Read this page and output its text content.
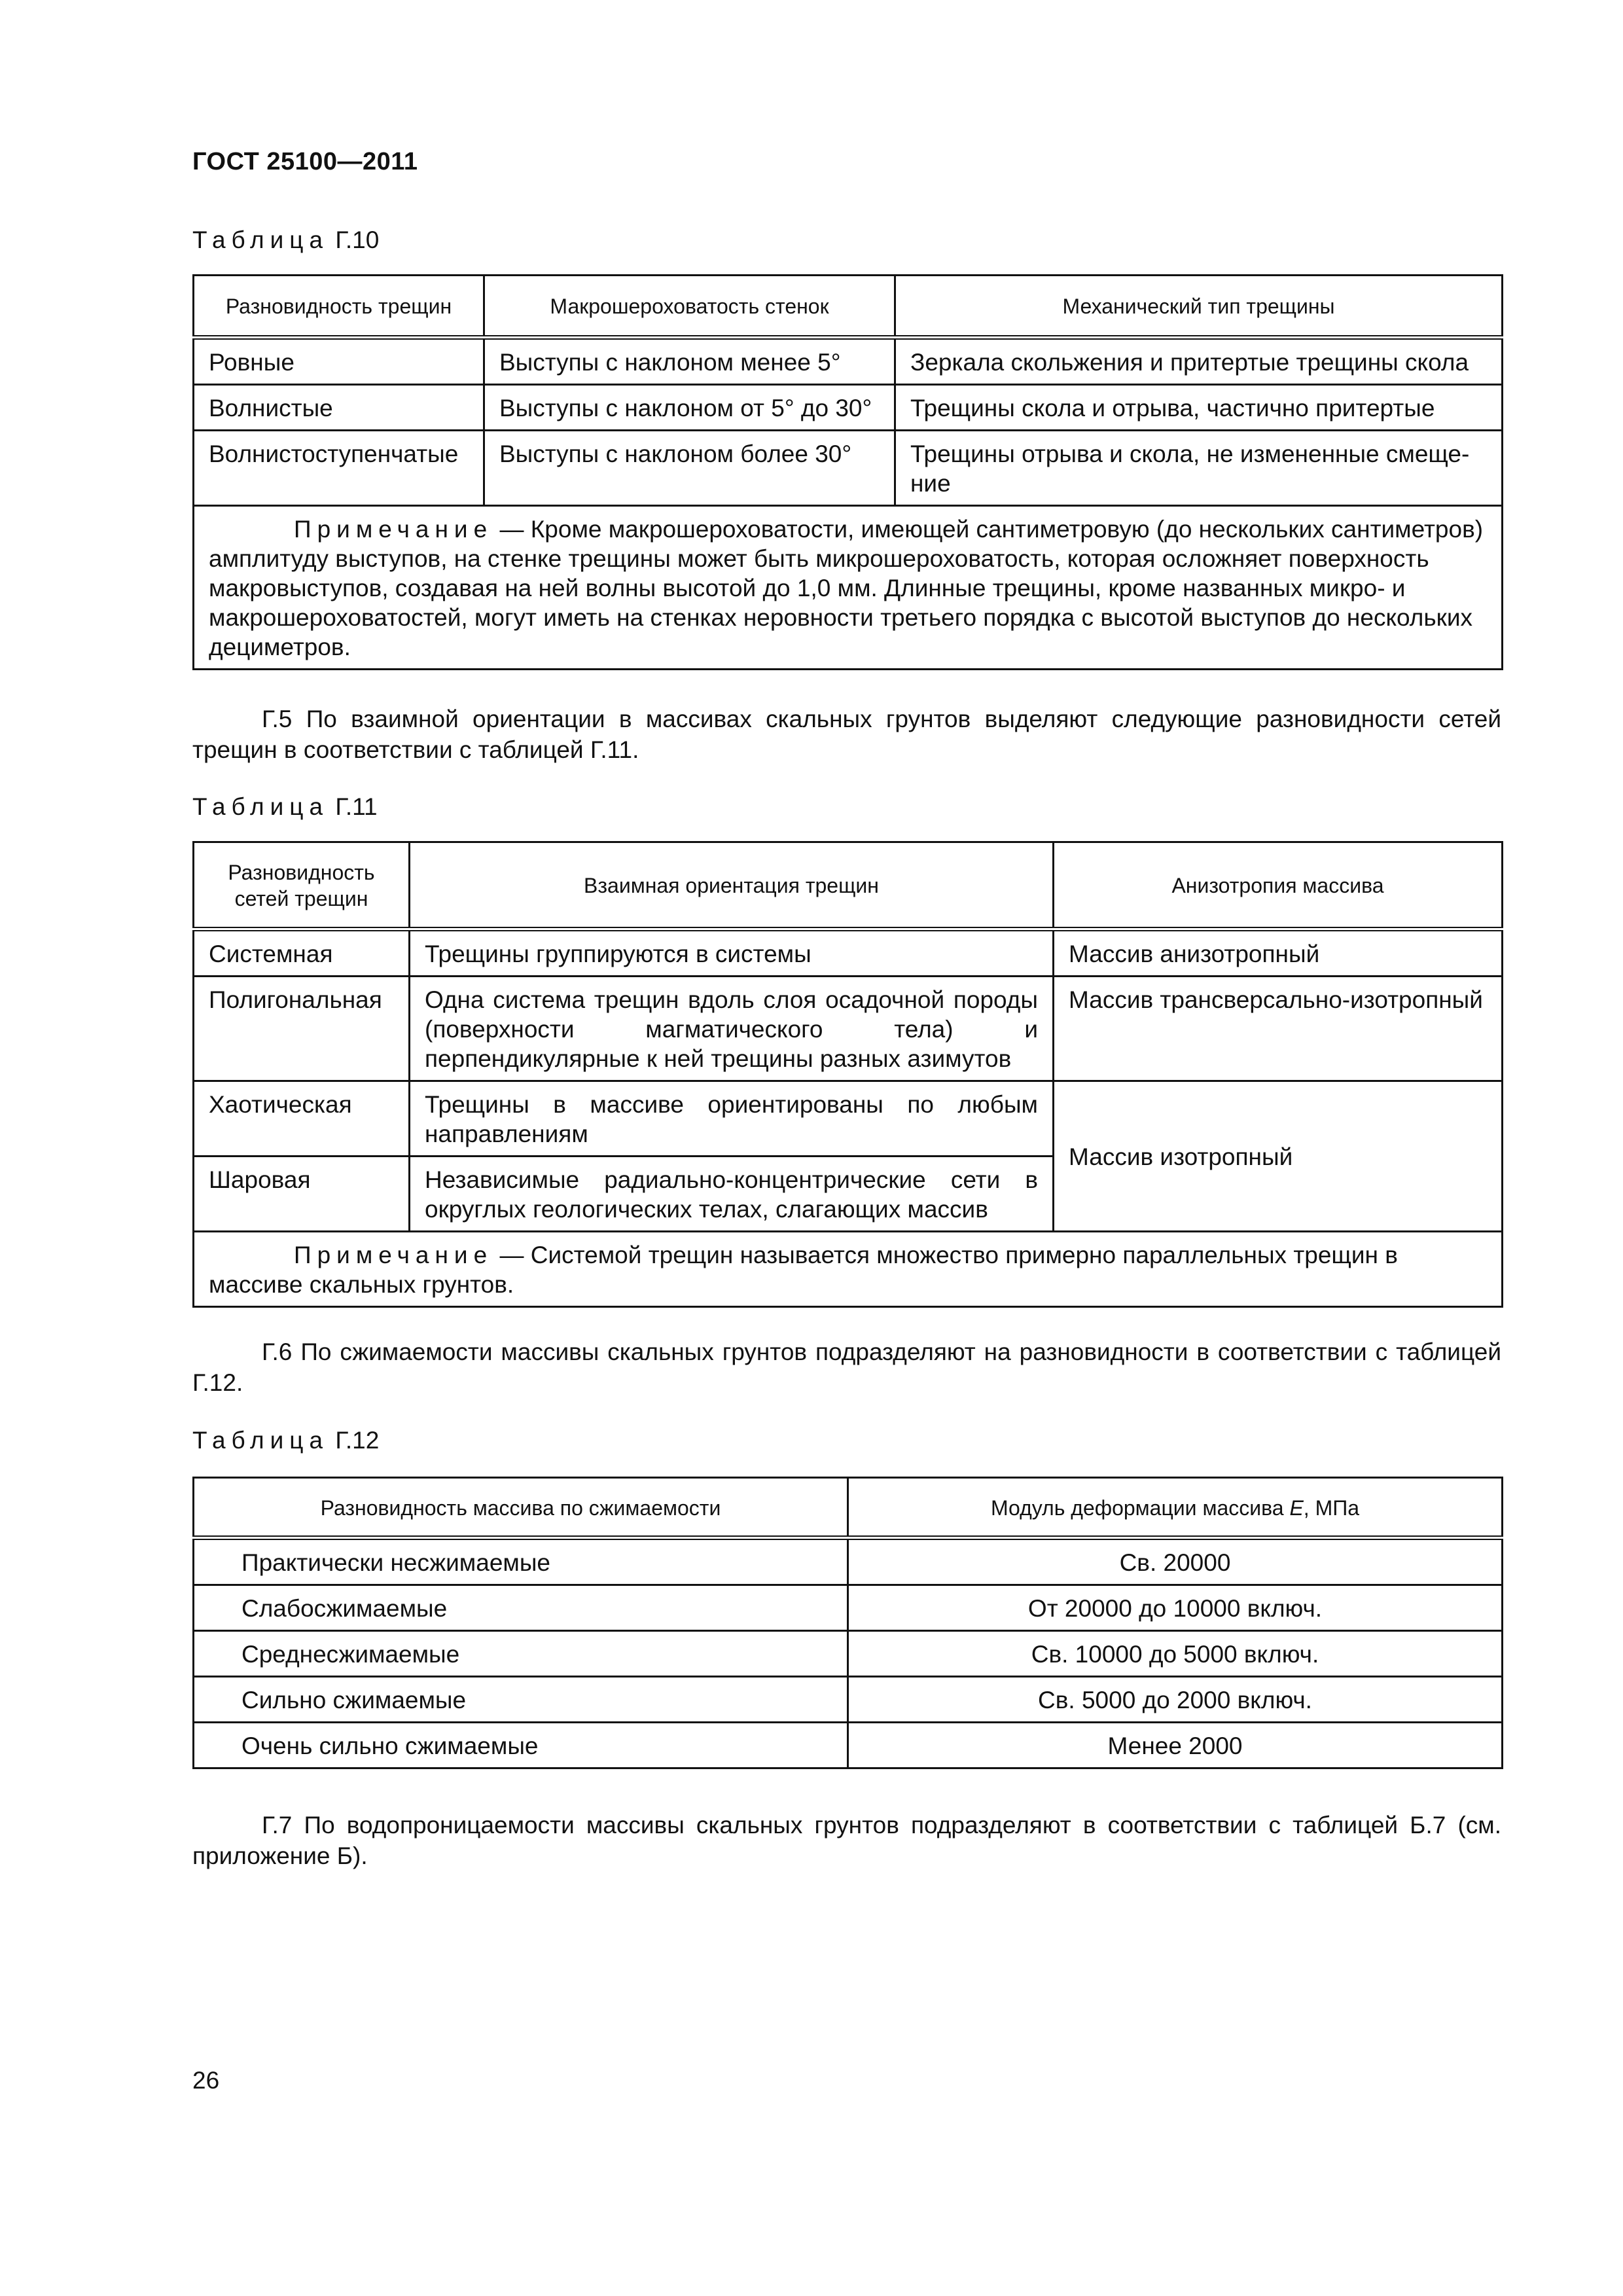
ГОСТ 25100—2011
Таблица Г.10
Разновидность трещин	Макрошероховатость стенок	Механический тип трещины
Ровные	Выступы с наклоном менее 5°	Зеркала скольжения и притертые трещины скола
Волнистые	Выступы с наклоном от 5° до 30°	Трещины скола и отрыва, частично притертые
Волнистоступенчатые	Выступы с наклоном более 30°	Трещины отрыва и скола, не измененные смеще-ние
Примечание — Кроме макрошероховатости, имеющей сантиметровую (до нескольких сантиметров) амплитуду выступов, на стенке трещины может быть микрошероховатость, которая осложняет поверхность макровыступов, создавая на ней волны высотой до 1,0 мм. Длинные трещины, кроме названных микро- и макрошероховатостей, могут иметь на стенках неровности третьего порядка с высотой выступов до нескольких дециметров.		

Г.5 По взаимной ориентации в массивах скальных грунтов выделяют следующие разновидности сетей трещин в соответствии с таблицей Г.11.

Таблица Г.11
Разновидность сетей трещин	Взаимная ориентация трещин	Анизотропия массива
Системная	Трещины группируются в системы	Массив анизотропный
Полигональная	Одна система трещин вдоль слоя осадочной породы (поверхности магматического тела) и перпендикулярные к ней трещины разных азимутов	Массив трансверсально-изотропный
Хаотическая	Трещины в массиве ориентированы по любым направлениям	Массив изотропный
Шаровая	Независимые радиально-концентрические сети в округлых геологических телах, слагающих массив	
Примечание — Системой трещин называется множество примерно параллельных трещин в массиве скальных грунтов.		

Г.6 По сжимаемости массивы скальных грунтов подразделяют на разновидности в соответствии с таблицей Г.12.

Таблица Г.12
Разновидность массива по сжимаемости	Модуль деформации массива E, МПа
Практически несжимаемые	Св. 20000
Слабосжимаемые	От 20000 до 10000 включ.
Среднесжимаемые	Св. 10000 до 5000 включ.
Сильно сжимаемые	Св. 5000 до 2000 включ.
Очень сильно сжимаемые	Менее 2000

Г.7 По водопроницаемости массивы скальных грунтов подразделяют в соответствии с таблицей Б.7 (см. приложение Б).

26
